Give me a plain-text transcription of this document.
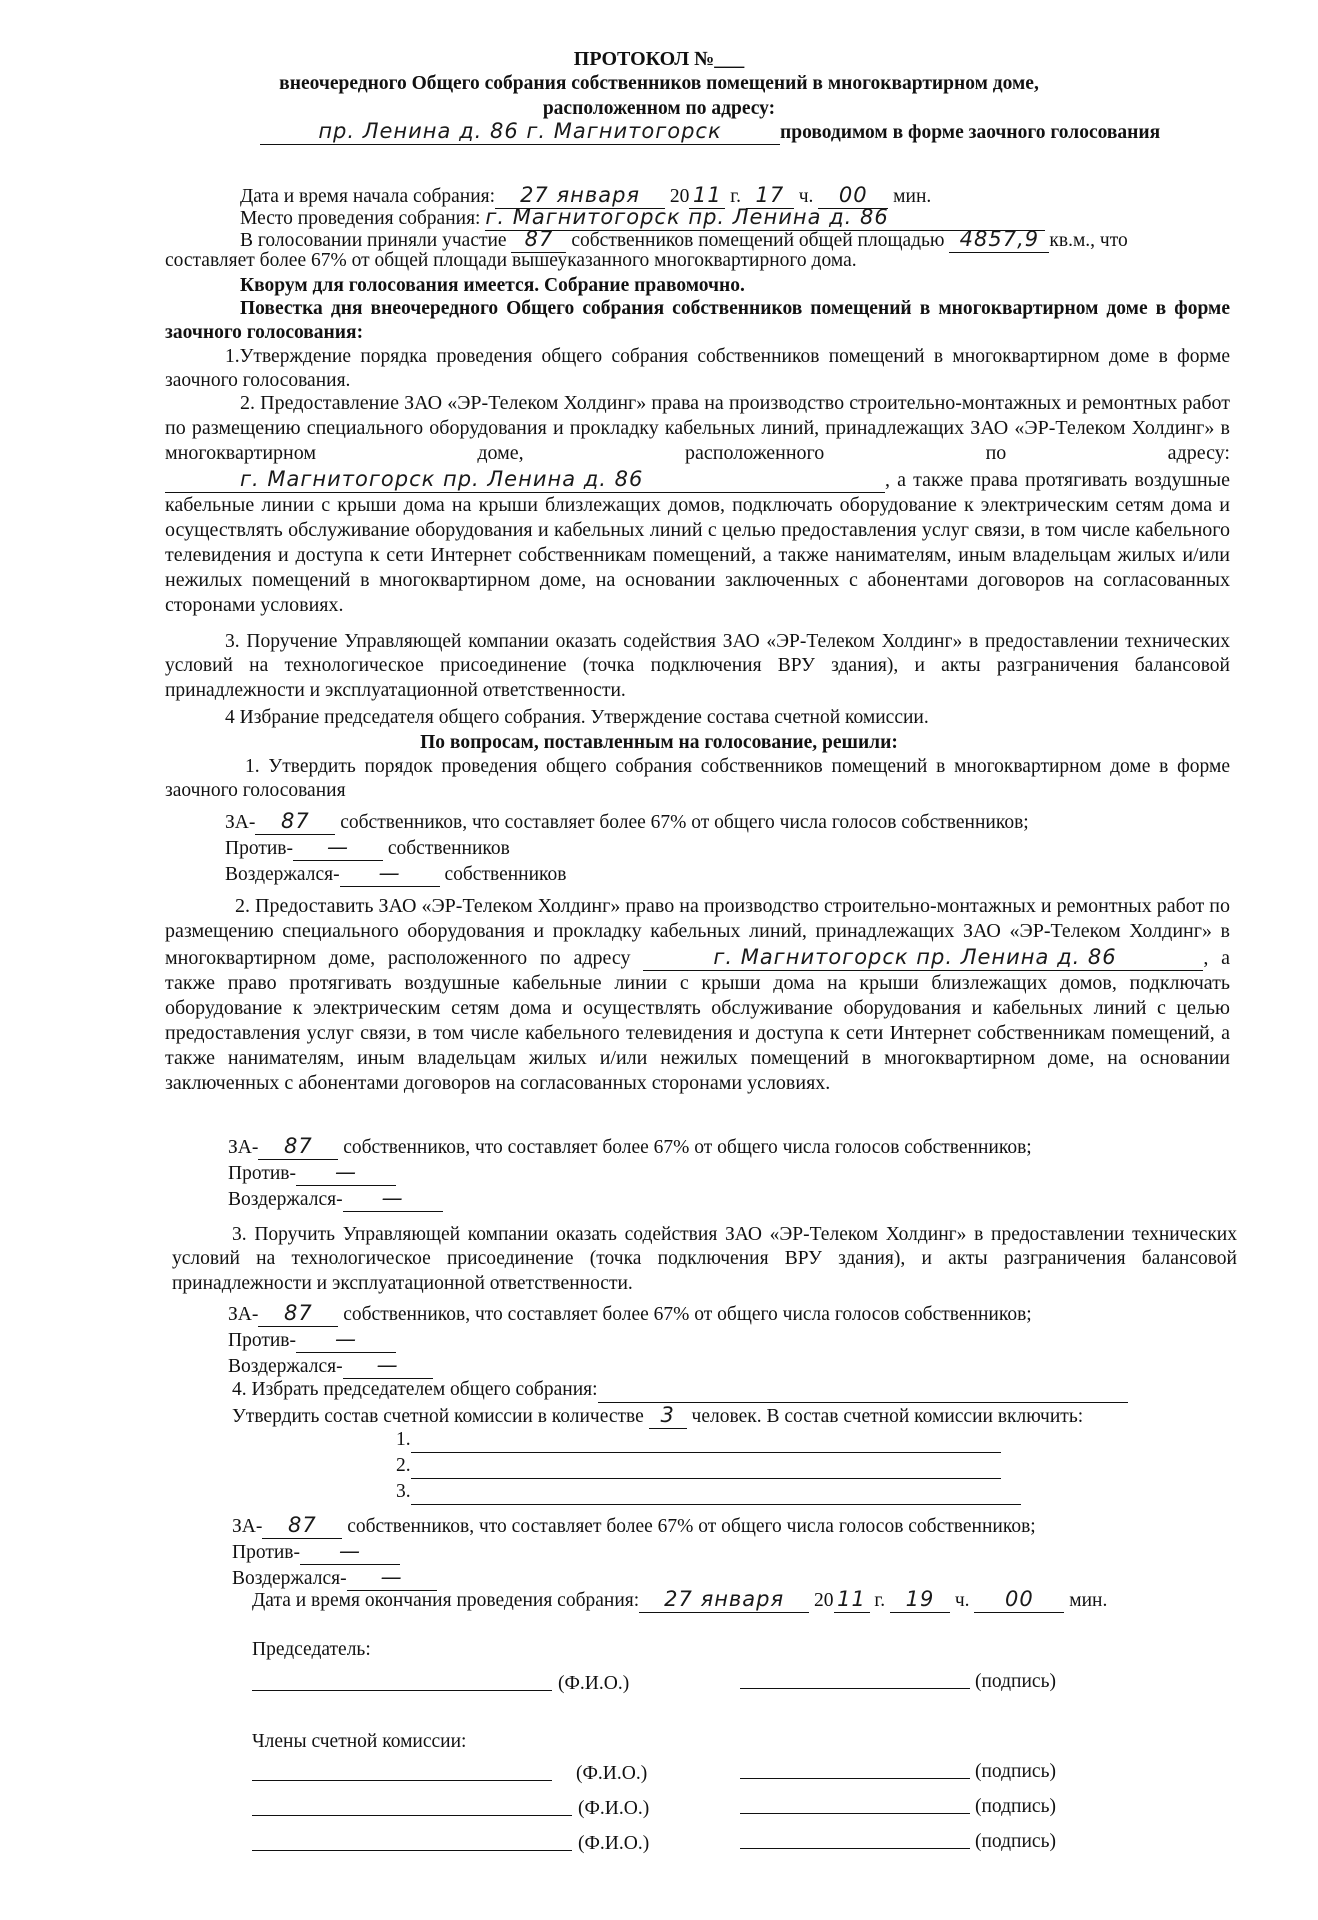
ПРОТОКОЛ №___
внеочередного Общего собрания собственников помещений в многоквартирном доме,
расположенном по адресу:
пр. Ленина д. 86 г. Магнитогорск	проводимом в форме заочного голосования
Дата и время начала собрания: 27 января 20 11 г. 17 ч. 00 мин.
Место проведения собрания: г. Магнитогорск пр. Ленина д. 86
В голосовании приняли участие 87 собственников помещений общей площадью 4857,9 кв.м., что
составляет более 67% от общей площади вышеуказанного многоквартирного дома.
Кворум для голосования имеется. Собрание правомочно.
Повестка дня внеочередного Общего собрания собственников помещений в многоквартирном доме в форме заочного голосования:
1.Утверждение порядка проведения общего собрания собственников помещений в многоквартирном доме в форме заочного голосования.
2. Предоставление ЗАО «ЭР-Телеком Холдинг» права на производство строительно-монтажных и ремонтных работ по размещению специального оборудования и прокладку кабельных линий, принадлежащих ЗАО «ЭР-Телеком Холдинг» в многоквартирном доме, расположенного по адресу: г. Магнитогорск пр. Ленина д. 86	, а также права протягивать воздушные кабельные линии с крыши дома на крыши близлежащих домов, подключать оборудование к электрическим сетям дома и осуществлять обслуживание оборудования и кабельных линий с целью предоставления услуг связи, в том числе кабельного телевидения и доступа к сети Интернет собственникам помещений, а также нанимателям, иным владельцам жилых и/или нежилых помещений в многоквартирном доме, на основании заключенных с абонентами договоров на согласованных сторонами условиях.
3. Поручение Управляющей компании оказать содействия ЗАО «ЭР-Телеком Холдинг» в предоставлении технических условий на технологическое присоединение (точка подключения ВРУ здания), и акты разграничения балансовой принадлежности и эксплуатационной ответственности.
4 Избрание председателя общего собрания. Утверждение состава счетной комиссии.
По вопросам, поставленным на голосование, решили:
1. Утвердить порядок проведения общего собрания собственников помещений в многоквартирном доме в форме заочного голосования
ЗА- 87 собственников, что составляет более 67% от общего числа голосов собственников;
Против- — собственников
Воздержался- — собственников
2. Предоставить ЗАО «ЭР-Телеком Холдинг» право на производство строительно-монтажных и ремонтных работ по размещению специального оборудования и прокладку кабельных линий, принадлежащих ЗАО «ЭР-Телеком Холдинг» в многоквартирном доме, расположенного по адресу	г. Магнитогорск пр. Ленина д. 86	, а также право протягивать воздушные кабельные линии с крыши дома на крыши близлежащих домов, подключать оборудование к электрическим сетям дома и осуществлять обслуживание оборудования и кабельных линий с целью предоставления услуг связи, в том числе кабельного телевидения и доступа к сети Интернет собственникам помещений, а также нанимателям, иным владельцам жилых и/или нежилых помещений в многоквартирном доме, на основании заключенных с абонентами договоров на согласованных сторонами условиях.
ЗА- 87 собственников, что составляет более 67% от общего числа голосов собственников;
Против- —
Воздержался- —
3. Поручить Управляющей компании оказать содействия ЗАО «ЭР-Телеком Холдинг» в предоставлении технических условий на технологическое присоединение (точка подключения ВРУ здания), и акты разграничения балансовой принадлежности и эксплуатационной ответственности.
ЗА- 87 собственников, что составляет более 67% от общего числа голосов собственников;
Против- —
Воздержался- —
4. Избрать председателем общего собрания:
Утвердить состав счетной комиссии в количестве 3 человек. В состав счетной комиссии включить:
1.
2.
3.
ЗА- 87 собственников, что составляет более 67% от общего числа голосов собственников;
Против- —
Воздержался- —
Дата и время окончания проведения собрания: 27 января 20 11 г. 19 ч. 00 мин.
Председатель:
(Ф.И.О.)	(подпись)
Члены счетной комиссии:
(Ф.И.О.)	(подпись)
(Ф.И.О.)	(подпись)
(Ф.И.О.)	(подпись)
